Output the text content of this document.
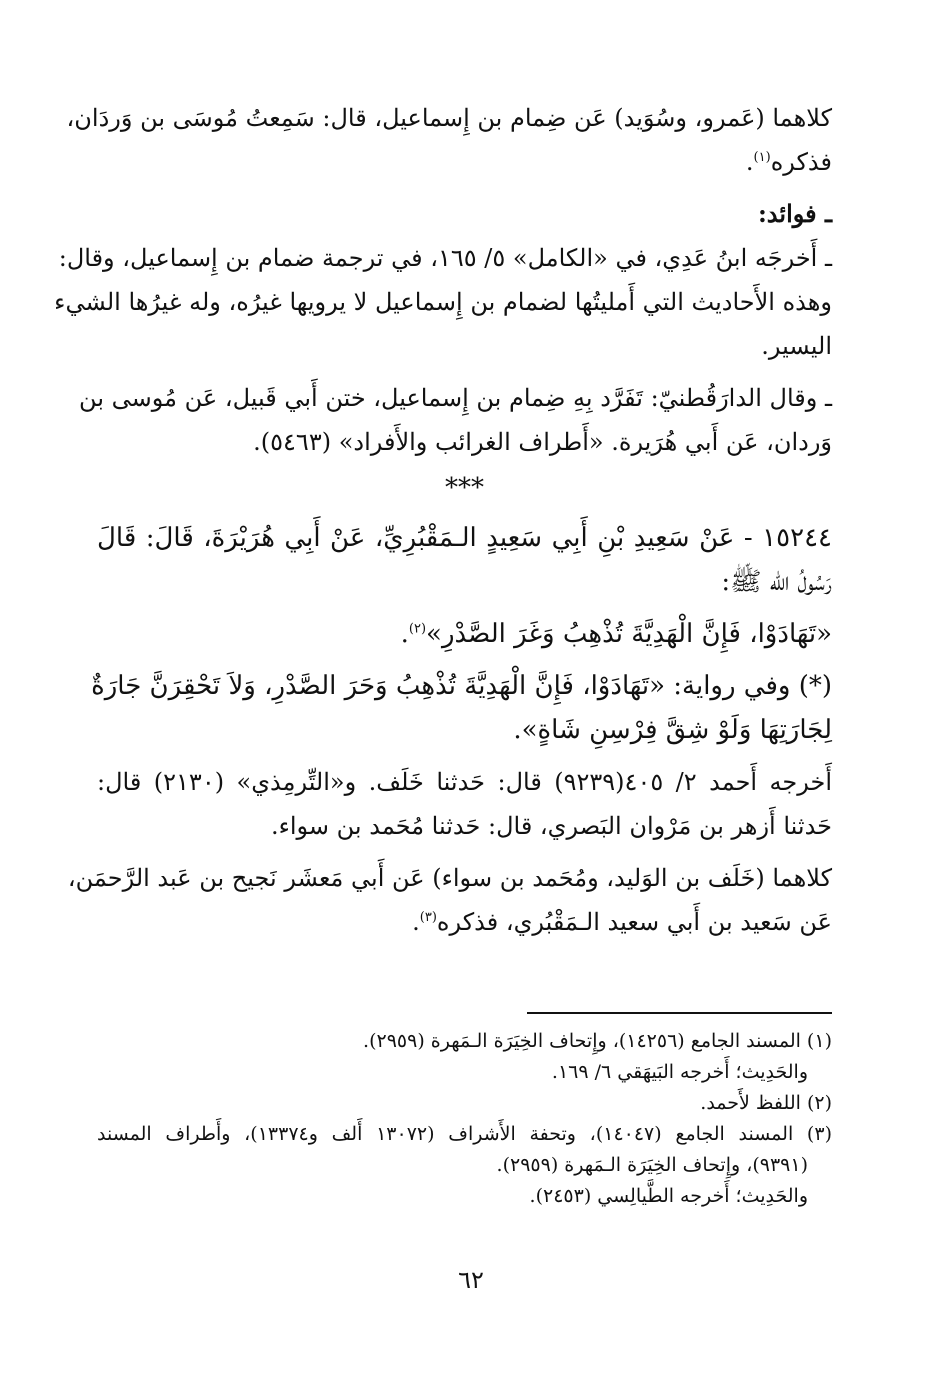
كلاهما (عَمرو، وسُوَيد) عَن ضِمام بن إِسماعيل، قال: سَمِعتُ مُوسَى بن وَردَان،
فذكره$^{(١)}$.
ـ فوائد:
ـ أَخرجَه ابنُ عَدِي، في «الكامل» ٥/ ١٦٥، في ترجمة ضمام بن إِسماعيل، وقال:
وهذه الأَحاديث التي أَمليتُها لضمام بن إِسماعيل لا يرويها غيرُه، وله غيرُها الشيء
اليسير.
ـ وقال الدارَقُطنيّ: تَفَرَّد بِهِ ضِمام بن إِسماعيل، ختن أَبي قَبيل، عَن مُوسى بن
وَردان، عَن أَبي هُرَيرة. «أَطراف الغرائب والأَفراد» (٥٤٦٣).
***
١٥٢٤٤ - عَنْ سَعِيدِ بْنِ أَبِي سَعِيدٍ الـمَقْبُرِيِّ، عَنْ أَبِي هُرَيْرَةَ، قَالَ: قَالَ
رَسُولُ الله ﷺ:
«تَهَادَوْا، فَإِنَّ الْهَدِيَّةَ تُذْهِبُ وَغَرَ الصَّدْرِ»$^{(٢)}$.
(*) وفي رواية: «تَهَادَوْا، فَإِنَّ الْهَدِيَّةَ تُذْهِبُ وَحَرَ الصَّدْرِ، وَلاَ تَحْقِرَنَّ جَارَةٌ
لِجَارَتِهَا وَلَوْ شِقَّ فِرْسِنِ شَاةٍ».
أَخرجه أَحمد ٢/ ٤٠٥(٩٢٣٩) قال: حَدثنا خَلَف. و«التِّرمِذي» (٢١٣٠) قال:
حَدثنا أَزهر بن مَرْوان البَصري، قال: حَدثنا مُحَمد بن سواء.
كلاهما (خَلَف بن الوَليد، ومُحَمد بن سواء) عَن أَبي مَعشَر نَجيح بن عَبد الرَّحمَن،
عَن سَعيد بن أَبي سعيد الـمَقْبُري، فذكره$^{(٣)}$.
(١) المسند الجامع (١٤٢٥٦)، وإِتحاف الخِيَرَة الـمَهرة (٢٩٥٩).
والحَدِيث؛ أَخرجه البَيهَقي ٦/ ١٦٩.
(٢) اللفظ لأَحمد.
(٣) المسند الجامع (١٤٠٤٧)، وتحفة الأَشراف (١٣٠٧٢ أَلف و١٣٣٧٤)، وأَطراف المسند
(٩٣٩١)، وإِتحاف الخِيَرَة الـمَهرة (٢٩٥٩).
والحَدِيث؛ أَخرجه الطَّيالِسي (٢٤٥٣).
٦٢
